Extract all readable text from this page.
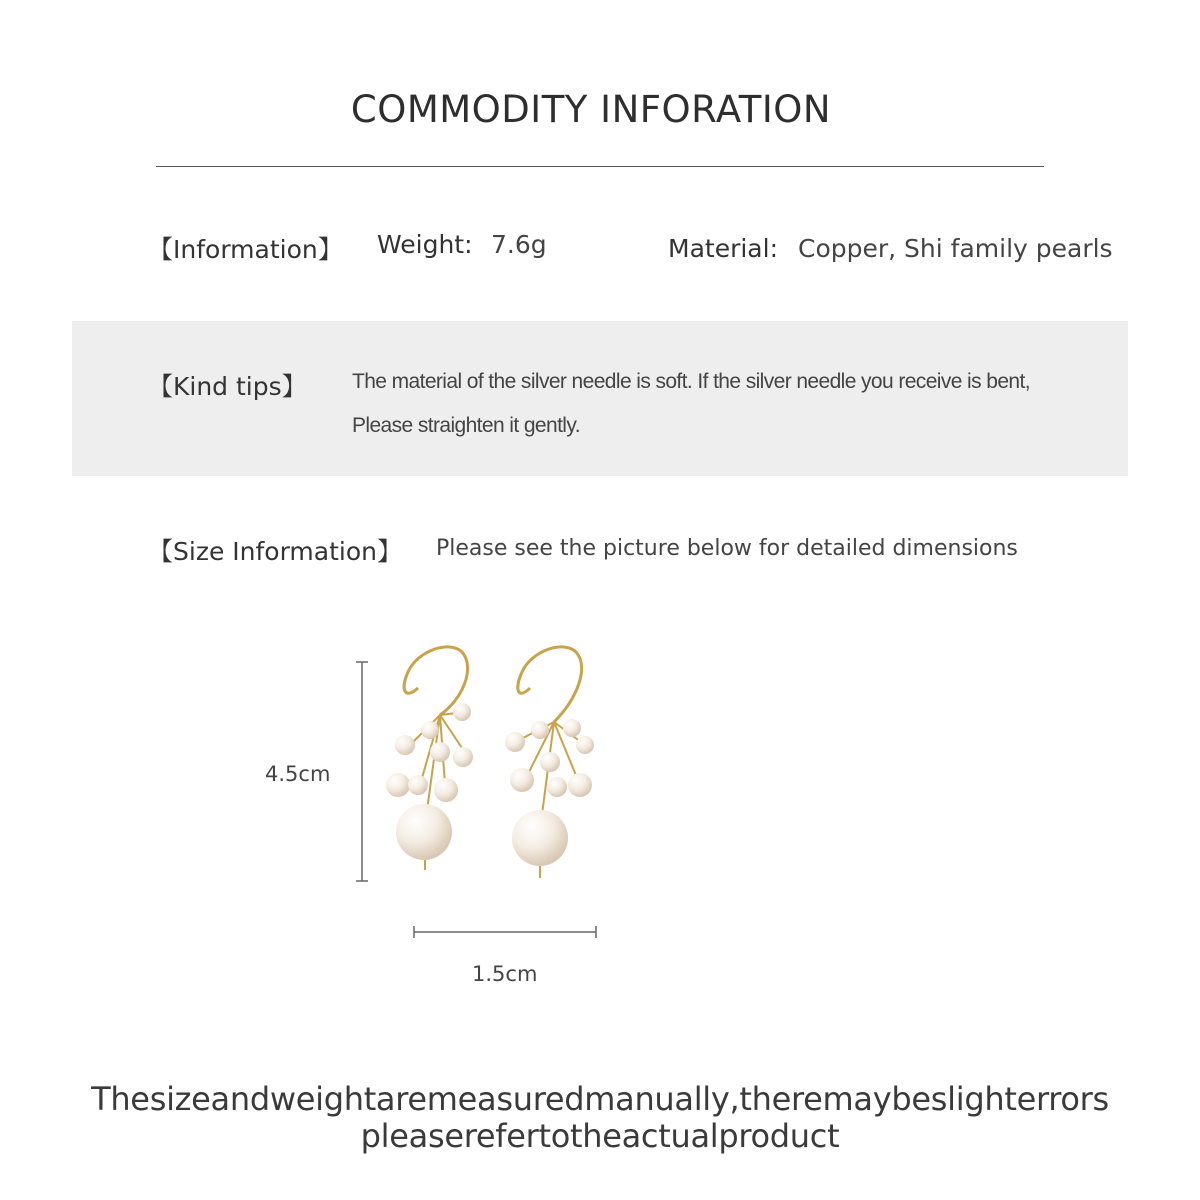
COMMODITY INFORATION
【Information】 Weight: 7.6g	Material: Copper, Shi family pearls
【Kind tips】 The material of the silver needle is soft. If the silver needle you receive is bent,
Please straighten it gently.
【Size Information】 Please see the picture below for detailed dimensions
4.5cm
1.5cm
Thesizeandweightaremeasuredmanually,theremaybeslighterrors
pleaserefertotheactualproduct
